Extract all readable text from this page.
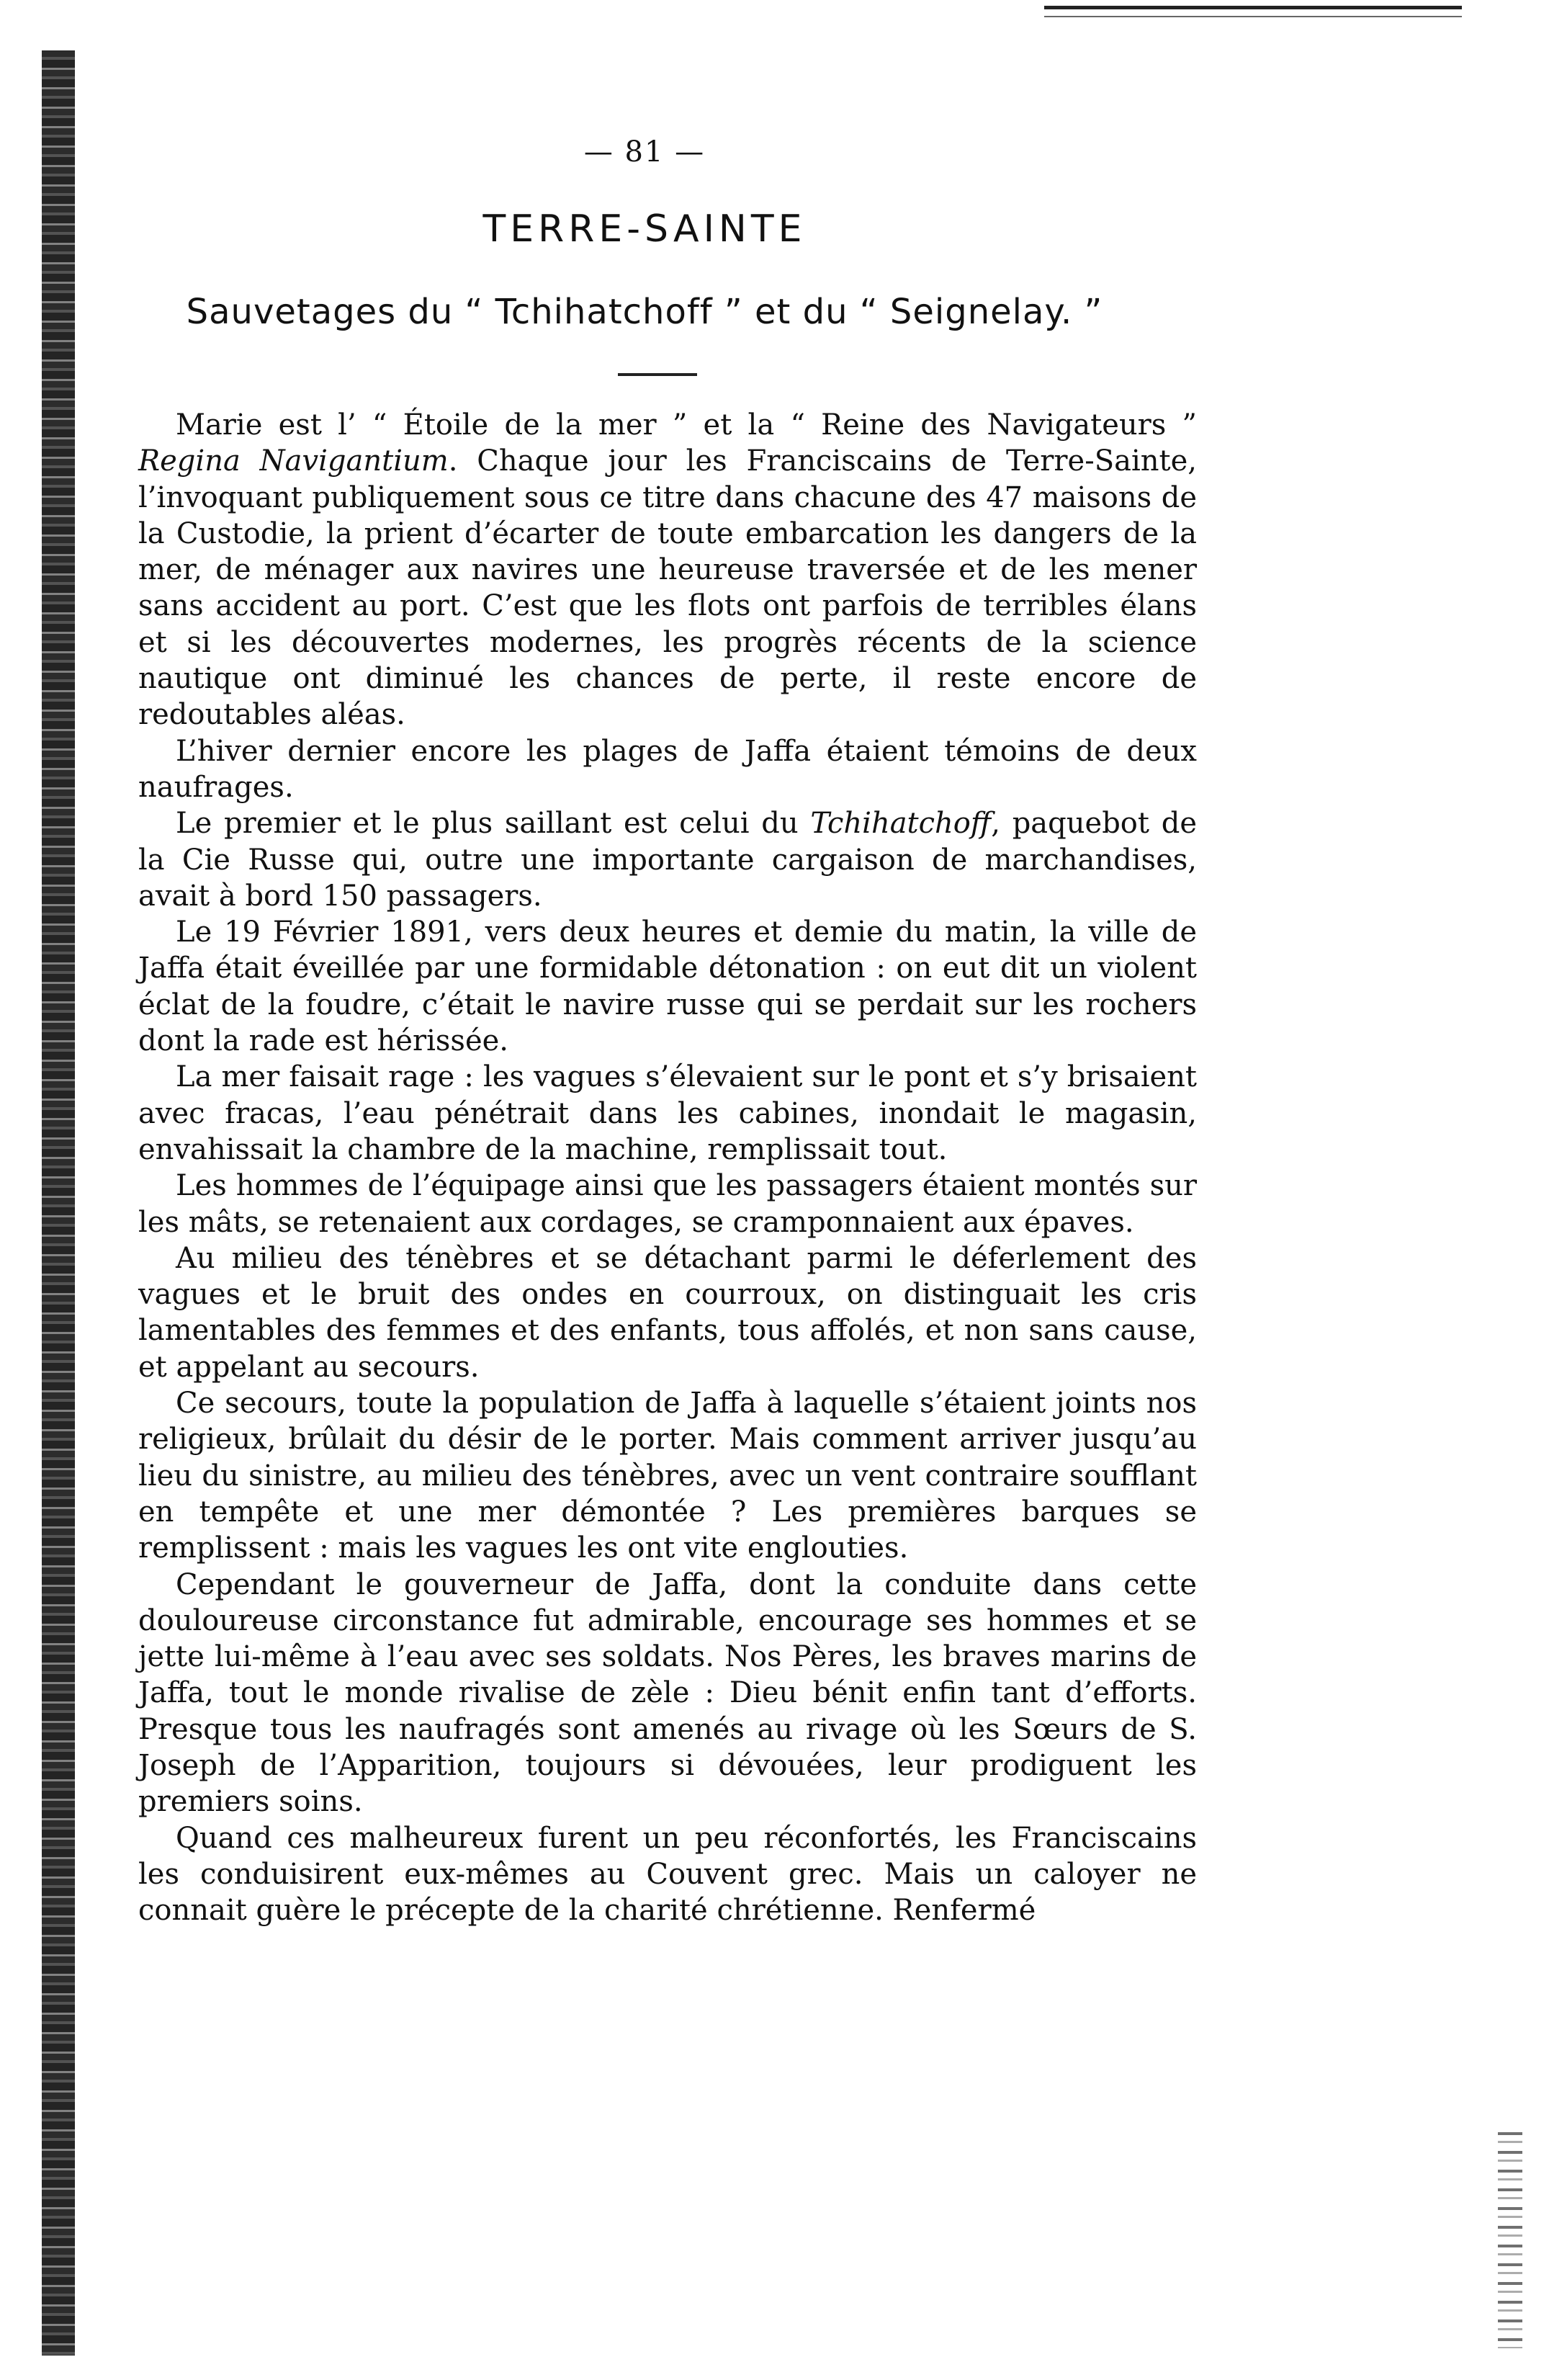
— 81 —
TERRE-SAINTE
Sauvetages du “ Tchihatchoff ” et du “ Seignelay. ”

Marie est l’ “ Étoile de la mer ” et la “ Reine des Navigateurs ” Regina Navigantium. Chaque jour les Franciscains de Terre-Sainte, l’invoquant publiquement sous ce titre dans chacune des 47 maisons de la Custodie, la prient d’écarter de toute embarcation les dangers de la mer, de ménager aux navires une heureuse traversée et de les mener sans accident au port. C’est que les flots ont parfois de terribles élans et si les découvertes modernes, les progrès récents de la science nautique ont diminué les chances de perte, il reste encore de redoutables aléas.

L’hiver dernier encore les plages de Jaffa étaient témoins de deux naufrages.

Le premier et le plus saillant est celui du Tchihatchoff, paquebot de la Cie Russe qui, outre une importante cargaison de marchandises, avait à bord 150 passagers.

Le 19 Février 1891, vers deux heures et demie du matin, la ville de Jaffa était éveillée par une formidable détonation : on eut dit un violent éclat de la foudre, c’était le navire russe qui se perdait sur les rochers dont la rade est hérissée.

La mer faisait rage : les vagues s’élevaient sur le pont et s’y brisaient avec fracas, l’eau pénétrait dans les cabines, inondait le magasin, envahissait la chambre de la machine, remplissait tout.

Les hommes de l’équipage ainsi que les passagers étaient montés sur les mâts, se retenaient aux cordages, se cramponnaient aux épaves.

Au milieu des ténèbres et se détachant parmi le déferlement des vagues et le bruit des ondes en courroux, on distinguait les cris lamentables des femmes et des enfants, tous affolés, et non sans cause, et appelant au secours.

Ce secours, toute la population de Jaffa à laquelle s’étaient joints nos religieux, brûlait du désir de le porter. Mais comment arriver jusqu’au lieu du sinistre, au milieu des ténèbres, avec un vent contraire soufflant en tempête et une mer démontée ? Les premières barques se remplissent : mais les vagues les ont vite englouties.

Cependant le gouverneur de Jaffa, dont la conduite dans cette douloureuse circonstance fut admirable, encourage ses hommes et se jette lui-même à l’eau avec ses soldats. Nos Pères, les braves marins de Jaffa, tout le monde rivalise de zèle : Dieu bénit enfin tant d’efforts. Presque tous les naufragés sont amenés au rivage où les Sœurs de S. Joseph de l’Apparition, toujours si dévouées, leur prodiguent les premiers soins.

Quand ces malheureux furent un peu réconfortés, les Franciscains les conduisirent eux-mêmes au Couvent grec. Mais un caloyer ne connait guère le précepte de la charité chrétienne. Renfermé
